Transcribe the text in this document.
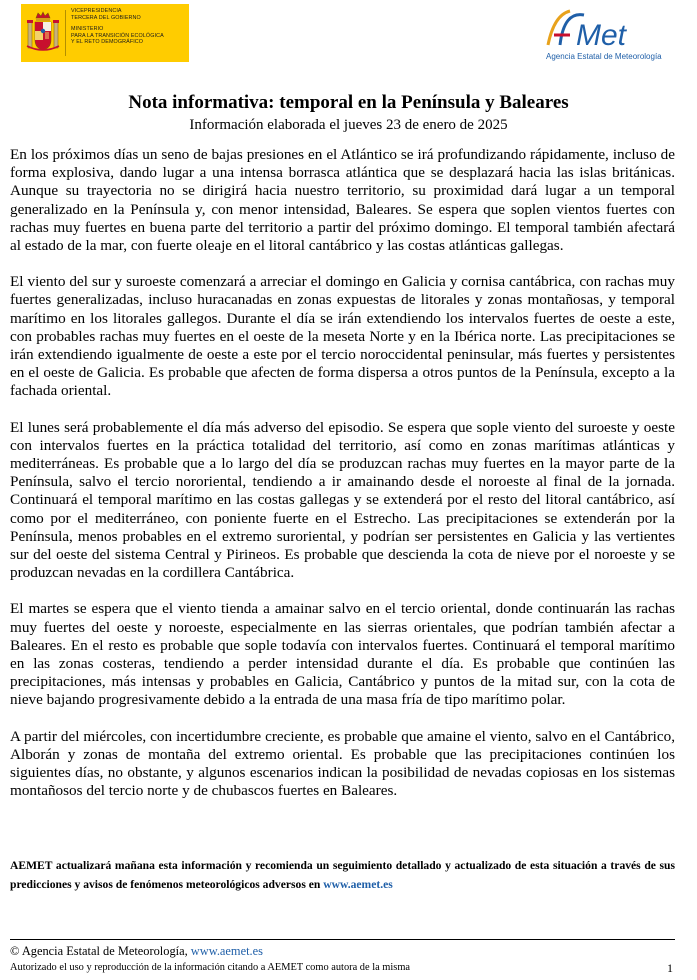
VICEPRESIDENCIA
TERCERA DEL GOBIERNO
MINISTERIO
PARA LA TRANSICIÓN ECOLÓGICA
Y EL RETO DEMOGRÁFICO	Met
Agencia Estatal de Meteorología
Nota informativa: temporal en la Península y Baleares
Información elaborada el jueves 23 de enero de 2025

En los próximos días un seno de bajas presiones en el Atlántico se irá profundizando rápidamente, incluso de forma explosiva, dando lugar a una intensa borrasca atlántica que se desplazará hacia las islas británicas. Aunque su trayectoria no se dirigirá hacia nuestro territorio, su proximidad dará lugar a un temporal generalizado en la Península y, con menor intensidad, Baleares. Se espera que soplen vientos fuertes con rachas muy fuertes en buena parte del territorio a partir del próximo domingo. El temporal también afectará al estado de la mar, con fuerte oleaje en el litoral cantábrico y las costas atlánticas gallegas.

El viento del sur y suroeste comenzará a arreciar el domingo en Galicia y cornisa cantábrica, con rachas muy fuertes generalizadas, incluso huracanadas en zonas expuestas de litorales y zonas montañosas, y temporal marítimo en los litorales gallegos. Durante el día se irán extendiendo los intervalos fuertes de oeste a este, con probables rachas muy fuertes en el oeste de la meseta Norte y en la Ibérica norte. Las precipitaciones se irán extendiendo igualmente de oeste a este por el tercio noroccidental peninsular, más fuertes y persistentes en el oeste de Galicia. Es probable que afecten de forma dispersa a otros puntos de la Península, excepto a la fachada oriental.

El lunes será probablemente el día más adverso del episodio. Se espera que sople viento del suroeste y oeste con intervalos fuertes en la práctica totalidad del territorio, así como en zonas marítimas atlánticas y mediterráneas. Es probable que a lo largo del día se produzcan rachas muy fuertes en la mayor parte de la Península, salvo el tercio nororiental, tendiendo a ir amainando desde el noroeste al final de la jornada. Continuará el temporal marítimo en las costas gallegas y se extenderá por el resto del litoral cantábrico, así como por el mediterráneo, con poniente fuerte en el Estrecho. Las precipitaciones se extenderán por la Península, menos probables en el extremo suroriental, y podrían ser persistentes en Galicia y las vertientes sur del oeste del sistema Central y Pirineos. Es probable que descienda la cota de nieve por el noroeste y se produzcan nevadas en la cordillera Cantábrica.

El martes se espera que el viento tienda a amainar salvo en el tercio oriental, donde continuarán las rachas muy fuertes del oeste y noroeste, especialmente en las sierras orientales, que podrían también afectar a Baleares. En el resto es probable que sople todavía con intervalos fuertes. Continuará el temporal marítimo en las zonas costeras, tendiendo a perder intensidad durante el día. Es probable que continúen las precipitaciones, más intensas y probables en Galicia, Cantábrico y puntos de la mitad sur, con la cota de nieve bajando progresivamente debido a la entrada de una masa fría de tipo marítimo polar.

A partir del miércoles, con incertidumbre creciente, es probable que amaine el viento, salvo en el Cantábrico, Alborán y zonas de montaña del extremo oriental. Es probable que las precipitaciones continúen los siguientes días, no obstante, y algunos escenarios indican la posibilidad de nevadas copiosas en los sistemas montañosos del tercio norte y de chubascos fuertes en Baleares.

AEMET actualizará mañana esta información y recomienda un seguimiento detallado y actualizado de esta situación a través de sus predicciones y avisos de fenómenos meteorológicos adversos en www.aemet.es
© Agencia Estatal de Meteorología, www.aemet.es
Autorizado el uso y reproducción de la información citando a AEMET como autora de la misma	1
